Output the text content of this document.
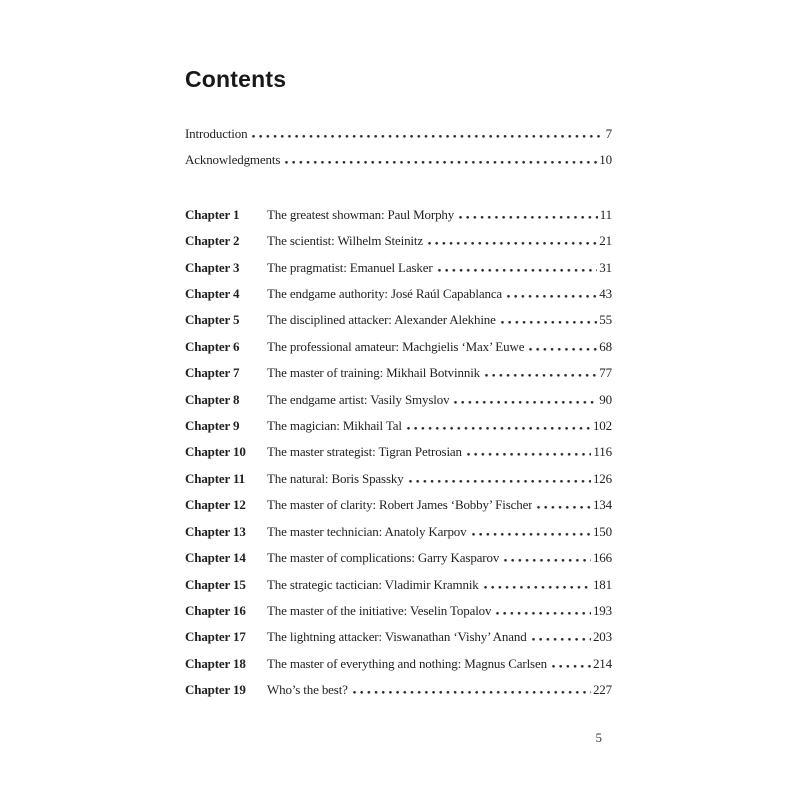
Contents
Introduction	7
Acknowledgments	10
Chapter 1	The greatest showman: Paul Morphy	11
Chapter 2	The scientist: Wilhelm Steinitz	21
Chapter 3	The pragmatist: Emanuel Lasker	31
Chapter 4	The endgame authority: José Raúl Capablanca	43
Chapter 5	The disciplined attacker: Alexander Alekhine	55
Chapter 6	The professional amateur: Machgielis ‘Max’ Euwe	68
Chapter 7	The master of training: Mikhail Botvinnik	77
Chapter 8	The endgame artist: Vasily Smyslov	90
Chapter 9	The magician: Mikhail Tal	102
Chapter 10	The master strategist: Tigran Petrosian	116
Chapter 11	The natural: Boris Spassky	126
Chapter 12	The master of clarity: Robert James ‘Bobby’ Fischer	134
Chapter 13	The master technician: Anatoly Karpov	150
Chapter 14	The master of complications: Garry Kasparov	166
Chapter 15	The strategic tactician: Vladimir Kramnik	181
Chapter 16	The master of the initiative: Veselin Topalov	193
Chapter 17	The lightning attacker: Viswanathan ‘Vishy’ Anand	203
Chapter 18	The master of everything and nothing: Magnus Carlsen	214
Chapter 19	Who’s the best?	227
5
